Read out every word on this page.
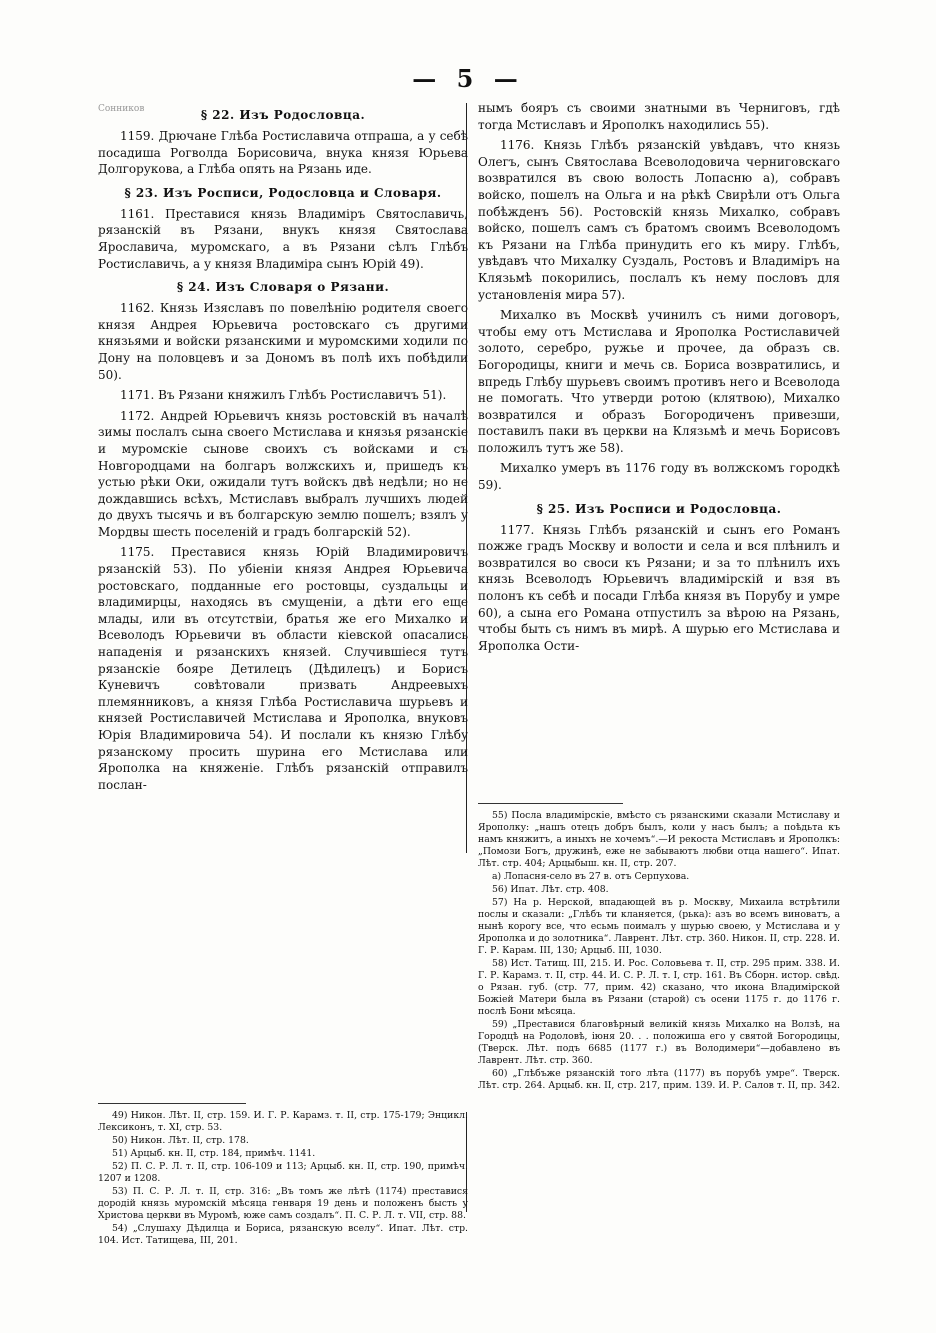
— 5 —
§ 22. Изъ Родословца.

1159. Дрючане Глѣба Ростиславича отпраша, а у себѣ посадиша Рогволда Борисовича, внука князя Юрьева Долгорукова, а Глѣба опять на Рязань иде.

§ 23. Изъ Росписи, Родословца и Словаря.

1161. Преставися князь Владиміръ Святославичь, рязанскій въ Рязани, внукъ князя Святослава Ярославича, муромскаго, а въ Рязани сѣлъ Глѣбъ Ростиславичь, а у князя Владиміра сынъ Юрій 49).

§ 24. Изъ Словаря о Рязани.

1162. Князь Изяславъ по повелѣнію родителя своего князя Андрея Юрьевича ростовскаго съ другими князьями и войски рязанскими и муромскими ходили по Дону на половцевъ и за Дономъ въ полѣ ихъ побѣдили 50).

1171. Въ Рязани княжилъ Глѣбъ Ростиславичъ 51).

1172. Андрей Юрьевичъ князь ростовскій въ началѣ зимы послалъ сына своего Мстислава и князья рязанскіе и муромскіе сынове своихъ съ войсками и съ Новгородцами на болгаръ волжскихъ и, пришедъ къ устью рѣки Оки, ожидали тутъ войскъ двѣ недѣли; но не дождавшись всѣхъ, Мстиславъ выбралъ лучшихъ людей до двухъ тысячь и въ болгарскую землю пошелъ; взялъ у Мордвы шесть поселеній и градъ болгарскій 52).

1175. Преставися князь Юрій Владимировичъ рязанскій 53). По убіеніи князя Андрея Юрьевича ростовскаго, подданные его ростовцы, суздальцы и владимирцы, находясь въ смущеніи, а дѣти его еще млады, или въ отсутствіи, братья же его Михалко и Всеволодъ Юрьевичи въ области кіевской опасались нападенія и рязанскихъ князей. Случившіеся тутъ рязанскіе бояре Детилецъ (Дѣдилецъ) и Борисъ Куневичъ совѣтовали призвать Андреевыхъ племянниковъ, а князя Глѣба Ростиславича шурьевъ и князей Ростиславичей Мстислава и Ярополка, внуковъ Юрія Владимировича 54). И послали къ князю Глѣбу рязанскому просить шурина его Мстислава или Ярополка на княженіе. Глѣбъ рязанскій отправилъ послан-

49) Никон. Лѣт. II, стр. 159. И. Г. Р. Карамз. т. II, стр. 175-179; Энцикл. Лексиконъ, т. XI, стр. 53.

50) Никон. Лѣт. II, стр. 178.

51) Арцыб. кн. II, стр. 184, примѣч. 1141.

52) П. С. Р. Л. т. II, стр. 106-109 и 113; Арцыб. кн. II, стр. 190, примѣч. 1207 и 1208.

53) П. С. Р. Л. т. II, стр. 316: „Въ томъ же лѣтѣ (1174) преставися дородій князь муромскій мѣсяца генваря 19 день и положенъ бысть у Христова церкви въ Муромѣ, юже самъ создалъ“. П. С. Р. Л. т. VII, стр. 88.

54) „Слушаху Дѣдилца и Бориса, рязанскую вселу“. Ипат. Лѣт. стр. 104. Ист. Татищева, III, 201.

нымъ бояръ съ своими знатными въ Черниговъ, гдѣ тогда Мстиславъ и Ярополкъ находились 55).

1176. Князь Глѣбъ рязанскій увѣдавъ, что князь Олегъ, сынъ Святослава Всеволодовича черниговскаго возвратился въ свою волость Лопасню а), собравъ войско, пошелъ на Ольга и на рѣкѣ Свирѣли отъ Ольга побѣжденъ 56). Ростовскій князь Михалко, собравъ войско, пошелъ самъ съ братомъ своимъ Всеволодомъ къ Рязани на Глѣба принудить его къ миру. Глѣбъ, увѣдавъ что Михалку Суздаль, Ростовъ и Владиміръ на Клязьмѣ покорились, послалъ къ нему пословъ для установленія мира 57).

Михалко въ Москвѣ учинилъ съ ними договоръ, чтобы ему отъ Мстислава и Ярополка Ростиславичей золото, серебро, ружье и прочее, да образъ св. Богородицы, книги и мечь св. Бориса возвратились, и впредь Глѣбу шурьевъ своимъ противъ него и Всеволода не помогать. Что утверди ротою (клятвою), Михалко возвратился и образъ Богородиченъ привезши, поставилъ паки въ церкви на Клязьмѣ и мечь Борисовъ положилъ тутъ же 58).

Михалко умеръ въ 1176 году въ волжскомъ городкѣ 59).

§ 25. Изъ Росписи и Родословца.

1177. Князь Глѣбъ рязанскій и сынъ его Романъ пожже градъ Москву и волости и села и вся плѣнилъ и возвратился во своси къ Рязани; и за то плѣнилъ ихъ князь Всеволодъ Юрьевичъ владимірскій и взя въ полонъ къ себѣ и посади Глѣба князя въ Порубу и умре 60), а сына его Романа отпустилъ за вѣрою на Рязань, чтобы быть съ нимъ въ мирѣ. А шурью его Мстислава и Ярополка Ости-

55) Посла владимірскіе, вмѣсто съ рязанскими сказали Мстиславу и Ярополку: „нашъ отецъ добръ былъ, коли у насъ былъ; а поѣдьта къ намъ княжитъ, а иныхъ не хочемъ“.—И рекоста Мстиславъ и Ярополкъ: „Помози Богъ, дружинѣ, еже не забываютъ любви отца нашего“. Ипат. Лѣт. стр. 404; Арцыбыш. кн. II, стр. 207.

а) Лопасня-село въ 27 в. отъ Серпухова.

56) Ипат. Лѣт. стр. 408.

57) На р. Нерской, впадающей въ р. Москву, Михаила встрѣтили послы и сказали: „Глѣбъ ти кланяется, (рька): азъ во всемъ виноватъ, а нынѣ корогу все, что есьмь поималъ у шурью своею, у Мстислава и у Ярополка и до золотника“. Лаврент. Лѣт. стр. 360. Никон. II, стр. 228. И. Г. Р. Карам. III, 130; Арцыб. III, 1030.

58) Ист. Татищ. III, 215. И. Рос. Соловьева т. II, стр. 295 прим. 338. И. Г. Р. Карамз. т. II, стр. 44. И. С. Р. Л. т. I, стр. 161. Въ Сборн. истор. свѣд. о Рязан. губ. (стр. 77, прим. 42) сказано, что икона Владимірской Божіей Матери была въ Рязани (старой) съ осени 1175 г. до 1176 г. послѣ Бони мѣсяца.

59) „Преставися благовѣрный великій князь Михалко на Волзѣ, на Городцѣ на Родоловѣ, іюня 20. . . положиша его у святой Богородицы, (Тверск. Лѣт. подъ 6685 (1177 г.) въ Володимери“—добавлено въ Лаврент. Лѣт. стр. 360.

60) „Глѣбъже рязанскій того лѣта (1177) въ порубѣ умре“. Тверск. Лѣт. стр. 264. Арцыб. кн. II, стр. 217, прим. 139. И. Р. Салов т. II, пр. 342.

Сонников
